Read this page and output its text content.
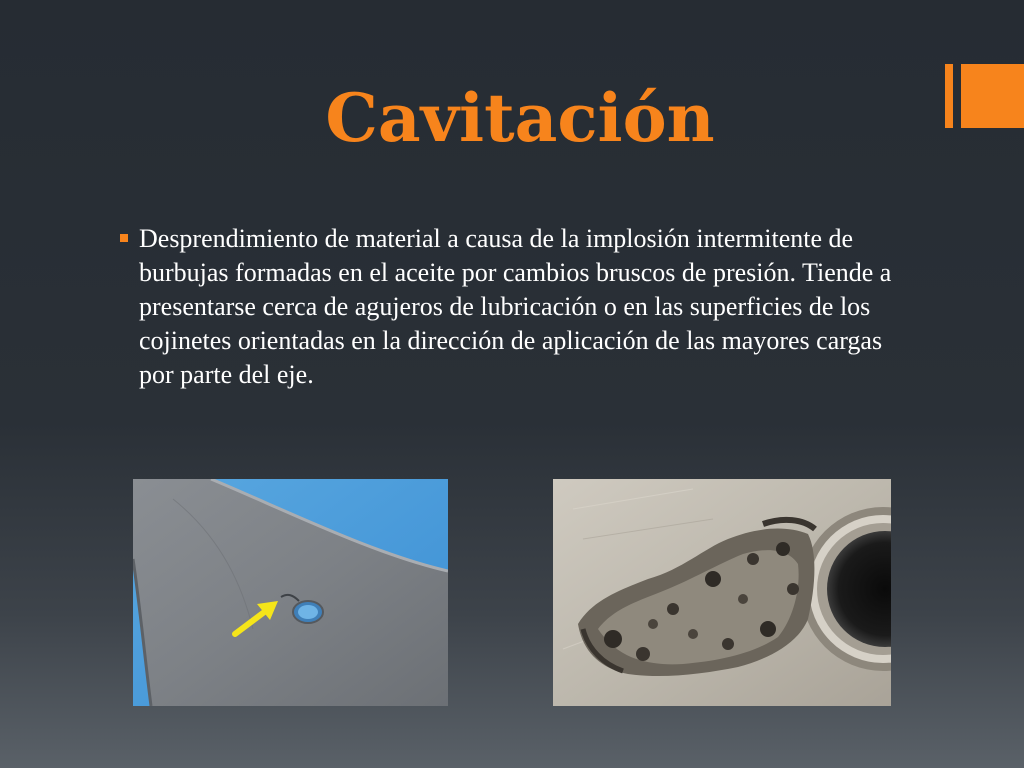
Cavitación
Desprendimiento de material a causa de la implosión intermitente de burbujas formadas en el aceite por cambios bruscos de presión. Tiende a presentarse cerca de agujeros de lubricación o en las superficies de los cojinetes orientadas en la dirección de aplicación de las mayores cargas por parte del eje.
